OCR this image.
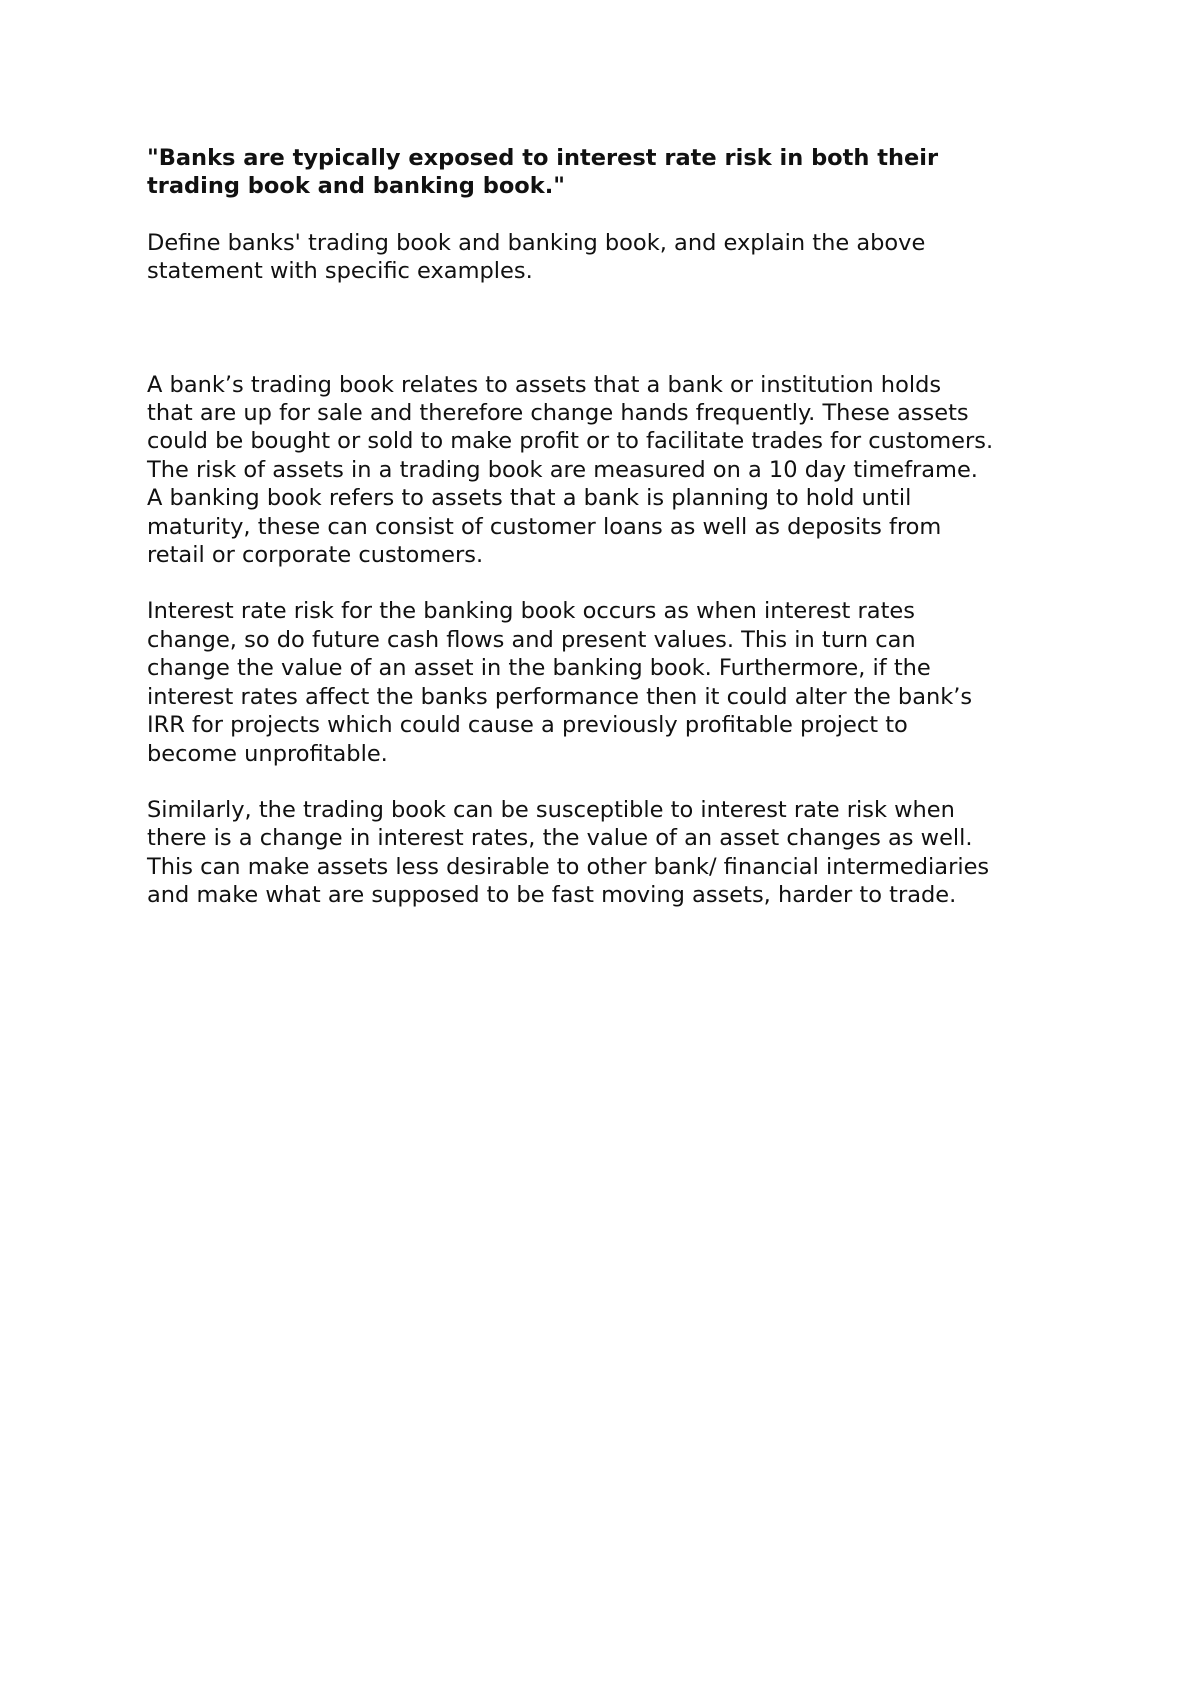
"Banks are typically exposed to interest rate risk in both their
trading book and banking book."

Define banks' trading book and banking book, and explain the above
statement with specific examples.

A bank’s trading book relates to assets that a bank or institution holds
that are up for sale and therefore change hands frequently. These assets
could be bought or sold to make profit or to facilitate trades for customers.
The risk of assets in a trading book are measured on a 10 day timeframe.
A banking book refers to assets that a bank is planning to hold until
maturity, these can consist of customer loans as well as deposits from
retail or corporate customers.

Interest rate risk for the banking book occurs as when interest rates
change, so do future cash flows and present values. This in turn can
change the value of an asset in the banking book. Furthermore, if the
interest rates affect the banks performance then it could alter the bank’s
IRR for projects which could cause a previously profitable project to
become unprofitable.

Similarly, the trading book can be susceptible to interest rate risk when
there is a change in interest rates, the value of an asset changes as well.
This can make assets less desirable to other bank/ financial intermediaries
and make what are supposed to be fast moving assets, harder to trade.
